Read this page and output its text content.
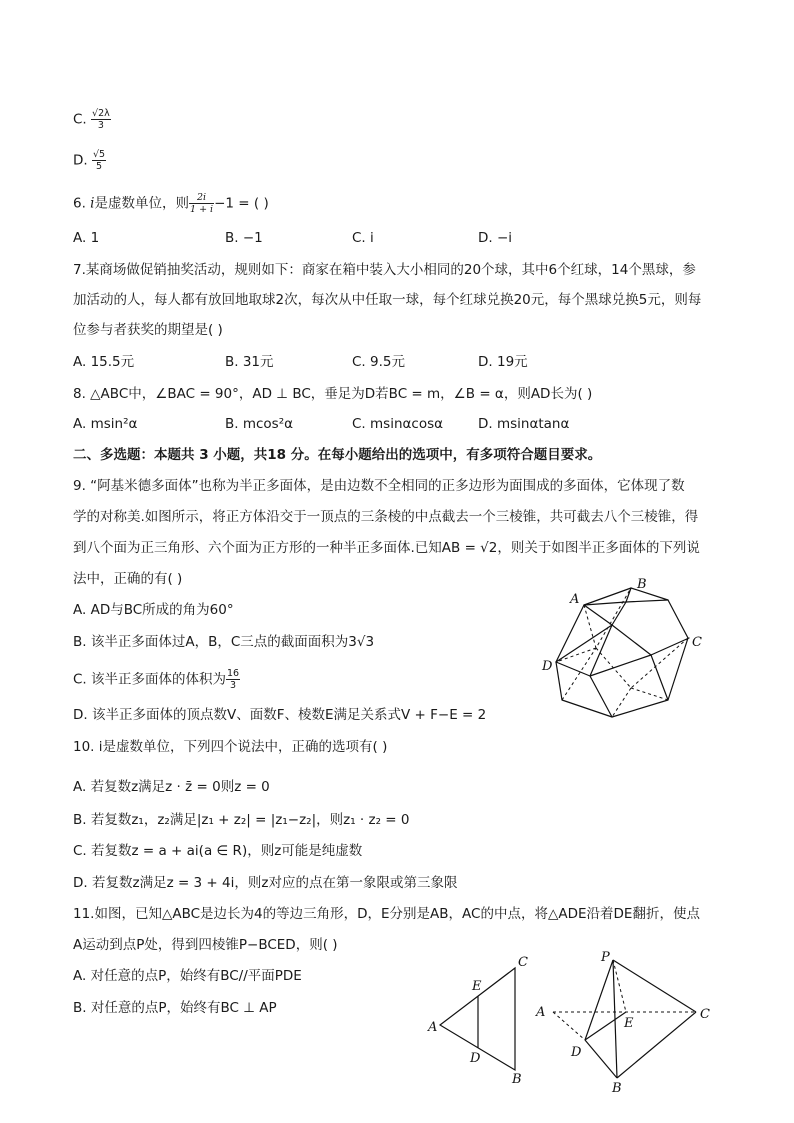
C. $\frac{√2\lambda}{3}$
D. $\frac{√5}{5}$
6. i是虚数单位，则 $\frac{2i}{1 + i} -1$ = ( )
A. 1	B. −1	C. i	D. −i
7.某商场做促销抽奖活动，规则如下：商家在箱中装入大小相同的20个球，其中6个红球，14个黑球，参
加活动的人，每人都有放回地取球2次，每次从中任取一球，每个红球兑换20元，每个黑球兑换5元，则每
位参与者获奖的期望是( )
A. 15.5元	B. 31元	C. 9.5元	D. 19元
8. △ABC中，∠BAC = 90°，AD ⊥ BC，垂足为D若BC = m，∠B = α，则AD长为( )
A. msin²α	B. mcos²α	C. msinαcosα	D. msinαtanα
二、多选题：本题共 3 小题，共18 分。在每小题给出的选项中，有多项符合题目要求。
9. “阿基米德多面体”也称为半正多面体，是由边数不全相同的正多边形为面围成的多面体，它体现了数
学的对称美.如图所示，将正方体沿交于一顶点的三条棱的中点截去一个三棱锥，共可截去八个三棱锥，得
到八个面为正三角形、六个面为正方形的一种半正多面体.已知AB = √2，则关于如图半正多面体的下列说
法中，正确的有( )
A. AD与BC所成的角为60°
B. 该半正多面体过A，B，C三点的截面面积为3√3
C. 该半正多面体的体积为 $\frac{16}{3}$
D. 该半正多面体的顶点数V、面数F、棱数E满足关系式V + F−E = 2
A
B
C
D
10. i是虚数单位，下列四个说法中，正确的选项有( )
A. 若复数z满足z · z̄ = 0则z = 0
B. 若复数z₁，z₂满足|z₁ + z₂| = |z₁−z₂|，则z₁ · z₂ = 0
C. 若复数z = a + ai(a ∈ R)，则z可能是纯虚数
D. 若复数z满足z = 3 + 4i，则z对应的点在第一象限或第三象限
11.如图，已知△ABC是边长为4的等边三角形，D，E分别是AB，AC的中点，将△ADE沿着DE翻折，使点
A运动到点P处，得到四棱锥P−BCED，则( )
A. 对任意的点P，始终有BC//平面PDE
B. 对任意的点P，始终有BC ⊥ AP
A
C
B
E
D
P
A	C
E
D
B
